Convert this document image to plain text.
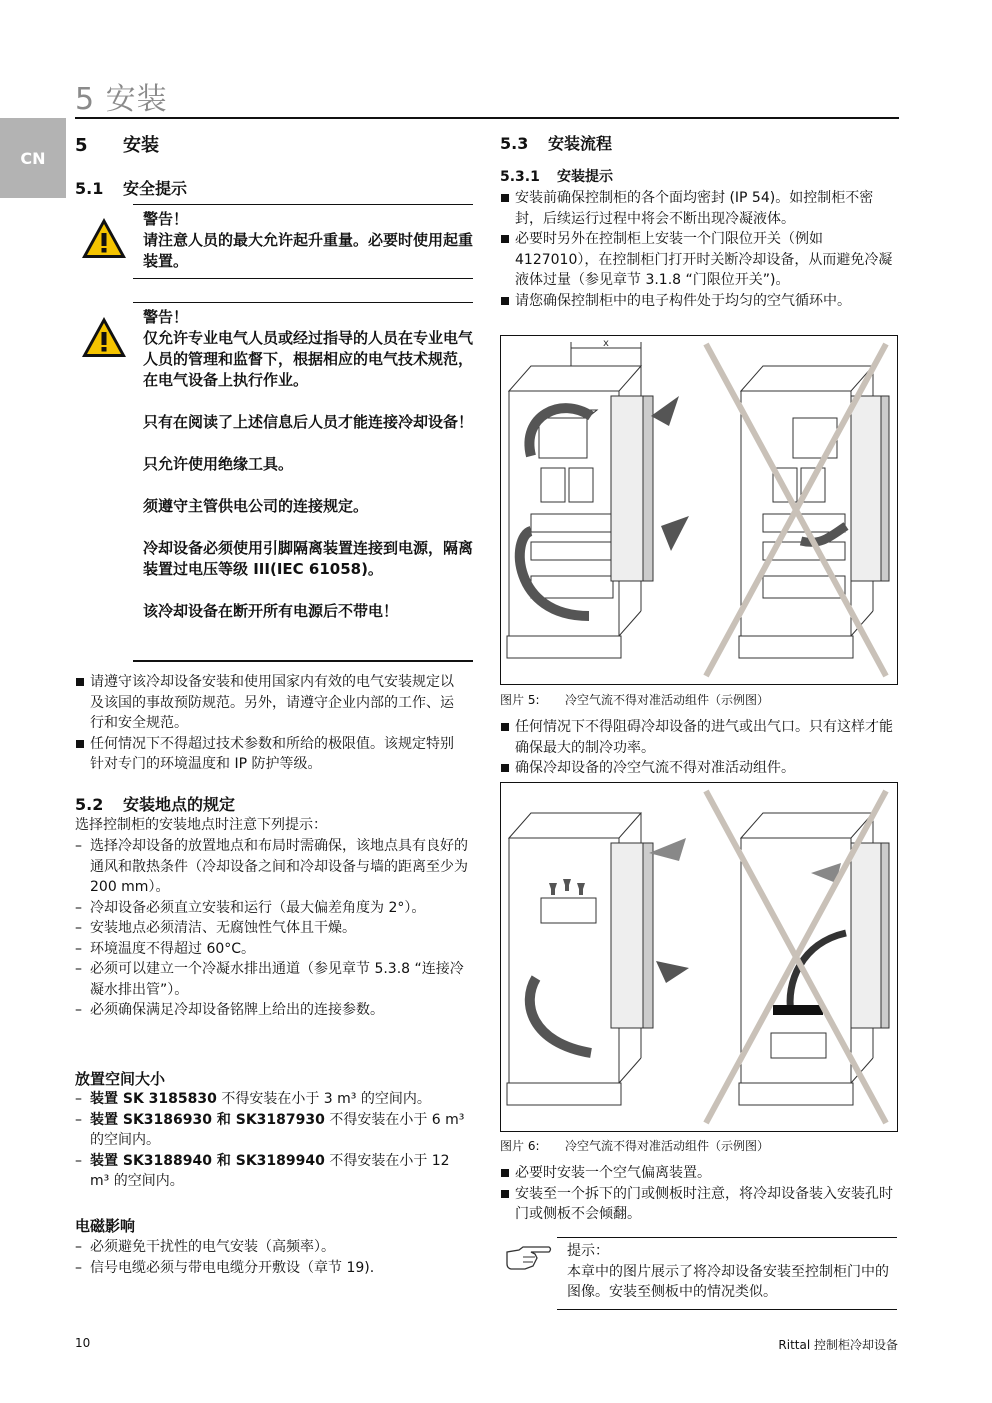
5 安装
CN
5 安装
5.1 安全提示

警告！

请注意人员的最大允许起升重量。必要时使用起重装置。

警告！

仅允许专业电气人员或经过指导的人员在专业电气人员的管理和监督下，根据相应的电气技术规范，在电气设备上执行作业。

只有在阅读了上述信息后人员才能连接冷却设备！

只允许使用绝缘工具。

须遵守主管供电公司的连接规定。

冷却设备必须使用引脚隔离装置连接到电源，隔离装置过电压等级 III(IEC 61058)。

该冷却设备在断开所有电源后不带电！

请遵守该冷却设备安装和使用国家内有效的电气安装规定以及该国的事故预防规范。另外，请遵守企业内部的工作、运行和安全规范。
任何情况下不得超过技术参数和所给的极限值。该规定特别针对专门的环境温度和 IP 防护等级。
5.2 安装地点的规定
选择控制柜的安装地点时注意下列提示：
– 选择冷却设备的放置地点和布局时需确保，该地点具有良好的通风和散热条件（冷却设备之间和冷却设备与墙的距离至少为 200 mm）。
– 冷却设备必须直立安装和运行（最大偏差角度为 2°）。
– 安装地点必须清洁、无腐蚀性气体且干燥。
– 环境温度不得超过 60°C。
– 必须可以建立一个冷凝水排出通道（参见章节 5.3.8 “连接冷凝水排出管”）。
– 必须确保满足冷却设备铭牌上给出的连接参数。
放置空间大小
– 装置 SK 3185830 不得安装在小于 3 m³ 的空间内。
– 装置 SK3186930 和 SK3187930 不得安装在小于 6 m³ 的空间内。
– 装置 SK3188940 和 SK3189940 不得安装在小于 12 m³ 的空间内。
电磁影响
– 必须避免干扰性的电气安装（高频率）。
– 信号电缆必须与带电电缆分开敷设（章节 19).
5.3 安装流程
5.3.1 安装提示
安装前确保控制柜的各个面均密封 (IP 54)。如控制柜不密封，后续运行过程中将会不断出现冷凝液体。
必要时另外在控制柜上安装一个门限位开关（例如 4127010），在控制柜门打开时关断冷却设备，从而避免冷凝液体过量（参见章节 3.1.8 “门限位开关”)。
请您确保控制柜中的电子构件处于均匀的空气循环中。
x
图片 5: 冷空气流不得对准活动组件（示例图）
任何情况下不得阻碍冷却设备的进气或出气口。只有这样才能确保最大的制冷功率。
确保冷却设备的冷空气流不得对准活动组件。
图片 6: 冷空气流不得对准活动组件（示例图）
必要时安装一个空气偏离装置。
安装至一个拆下的门或侧板时注意，将冷却设备装入安装孔时门或侧板不会倾翻。
提示：
本章中的图片展示了将冷却设备安装至控制柜门中的图像。安装至侧板中的情况类似。
10	Rittal 控制柜冷却设备
